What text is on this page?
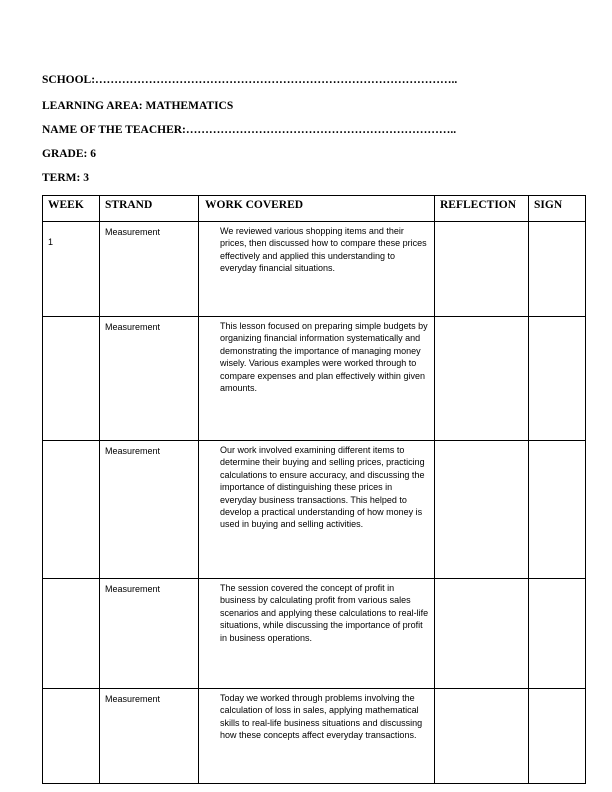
SCHOOL:…………………………………………………………………………………..
LEARNING AREA: MATHEMATICS
NAME OF THE TEACHER:……………………………………………………………..
GRADE: 6
TERM: 3
WEEK	STRAND	WORK COVERED	REFLECTION	SIGN
1	Measurement	We reviewed various shopping items and their prices, then discussed how to compare these prices effectively and applied this understanding to everyday financial situations.		
	Measurement	This lesson focused on preparing simple budgets by organizing financial information systematically and demonstrating the importance of managing money wisely. Various examples were worked through to compare expenses and plan effectively within given amounts.		
	Measurement	Our work involved examining different items to determine their buying and selling prices, practicing calculations to ensure accuracy, and discussing the importance of distinguishing these prices in everyday business transactions. This helped to develop a practical understanding of how money is used in buying and selling activities.		
	Measurement	The session covered the concept of profit in business by calculating profit from various sales scenarios and applying these calculations to real-life situations, while discussing the importance of profit in business operations.		
	Measurement	Today we worked through problems involving the calculation of loss in sales, applying mathematical skills to real-life business situations and discussing how these concepts affect everyday transactions.		
